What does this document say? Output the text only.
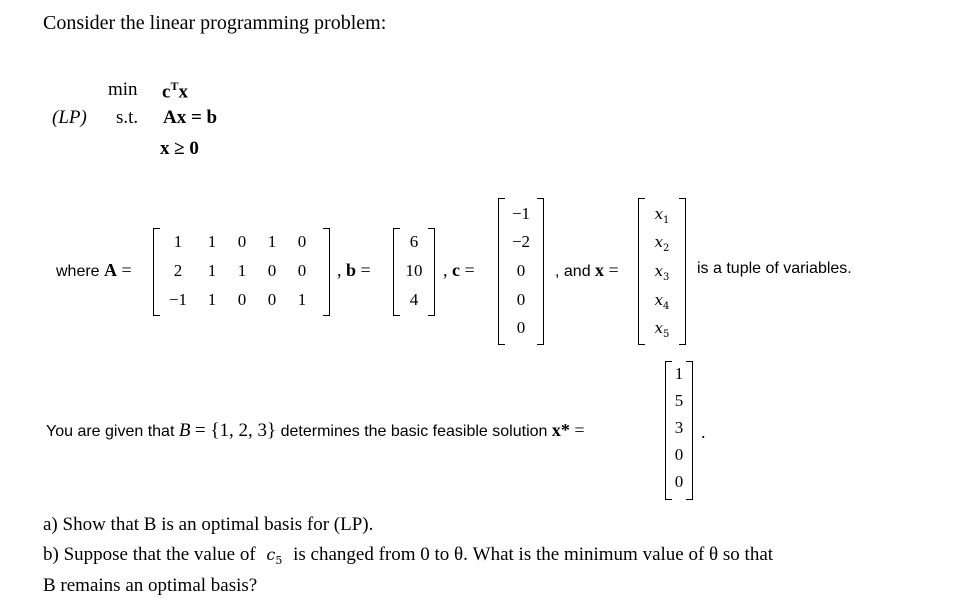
Consider the linear programming problem:
$\min c^Tx$
(LP) s.t. Ax = b
x ≥ 0
where A =
1	1	0	1	0
2	1	1	0	0
−1	1	0	0	1
, b =
6
10
4
, c =
−1
−2
0
0
0
, and x =
$x_1$
$x_2$
$x_3$
$x_4$
$x_5$
is a tuple of variables.
You are given that B = {1, 2, 3} determines the basic feasible solution x* =
1
5
3
0
0
.
a) Show that B is an optimal basis for (LP).
b) Suppose that the value of $c_5$ is changed from 0 to θ. What is the minimum value of θ so that
B remains an optimal basis?
